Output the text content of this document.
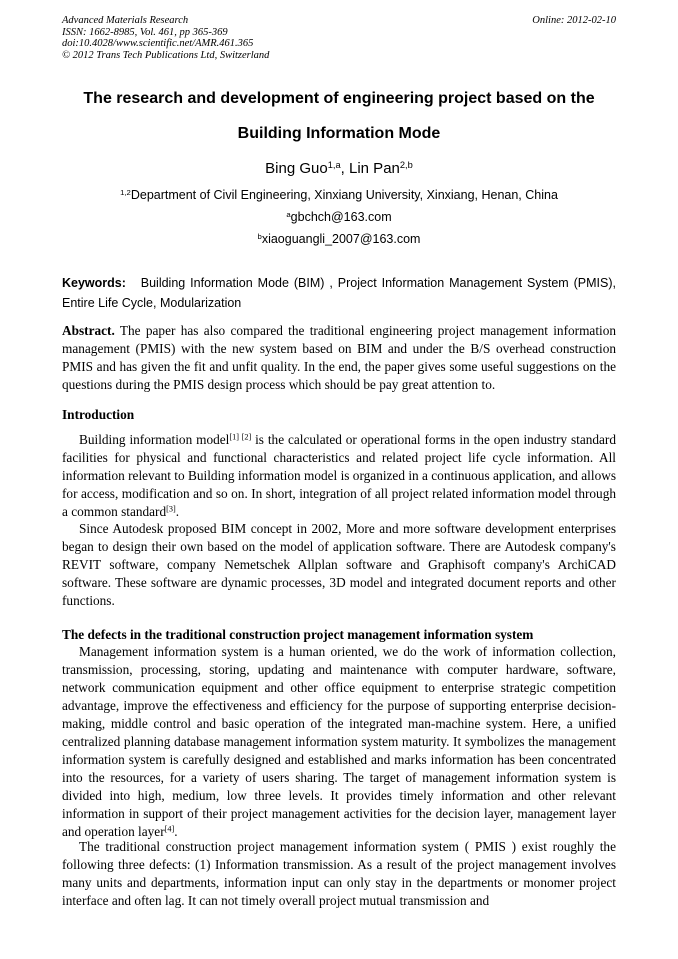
Advanced Materials Research
ISSN: 1662-8985, Vol. 461, pp 365-369
doi:10.4028/www.scientific.net/AMR.461.365
© 2012 Trans Tech Publications Ltd, Switzerland
Online: 2012-02-10
The research and development of engineering project based on the
Building Information Mode
Bing Guo$^{1,a}$, Lin Pan$^{2,b}$
$^{1,2}$Department of Civil Engineering, Xinxiang University, Xinxiang, Henan, China
$^a$gbchch@163.com
$^b$xiaoguangli_2007@163.com
Keywords: Building Information Mode (BIM) , Project Information Management System (PMIS), Entire Life Cycle, Modularization
Abstract. The paper has also compared the traditional engineering project management information management (PMIS) with the new system based on BIM and under the B/S overhead construction PMIS and has given the fit and unfit quality. In the end, the paper gives some useful suggestions on the questions during the PMIS design process which should be pay great attention to.
Introduction

Building information model[1] [2] is the calculated or operational forms in the open industry standard facilities for physical and functional characteristics and related project life cycle information. All information relevant to Building information model is organized in a continuous application, and allows for access, modification and so on. In short, integration of all project related information model through a common standard[3].

Since Autodesk proposed BIM concept in 2002, More and more software development enterprises began to design their own based on the model of application software. There are Autodesk company's REVIT software, company Nemetschek Allplan software and Graphisoft company's ArchiCAD software. These software are dynamic processes, 3D model and integrated document reports and other functions.

The defects in the traditional construction project management information system

Management information system is a human oriented, we do the work of information collection, transmission, processing, storing, updating and maintenance with computer hardware, software, network communication equipment and other office equipment to enterprise strategic competition advantage, improve the effectiveness and efficiency for the purpose of supporting enterprise decision-making, middle control and basic operation of the integrated man-machine system. Here, a unified centralized planning database management information system maturity. It symbolizes the management information system is carefully designed and established and marks information has been concentrated into the resources, for a variety of users sharing. The target of management information system is divided into high, medium, low three levels. It provides timely information and other relevant information in support of their project management activities for the decision layer, management layer and operation layer[4].

The traditional construction project management information system ( PMIS ) exist roughly the following three defects: (1) Information transmission. As a result of the project management involves many units and departments, information input can only stay in the departments or monomer project interface and often lag. It can not timely overall project mutual transmission and
